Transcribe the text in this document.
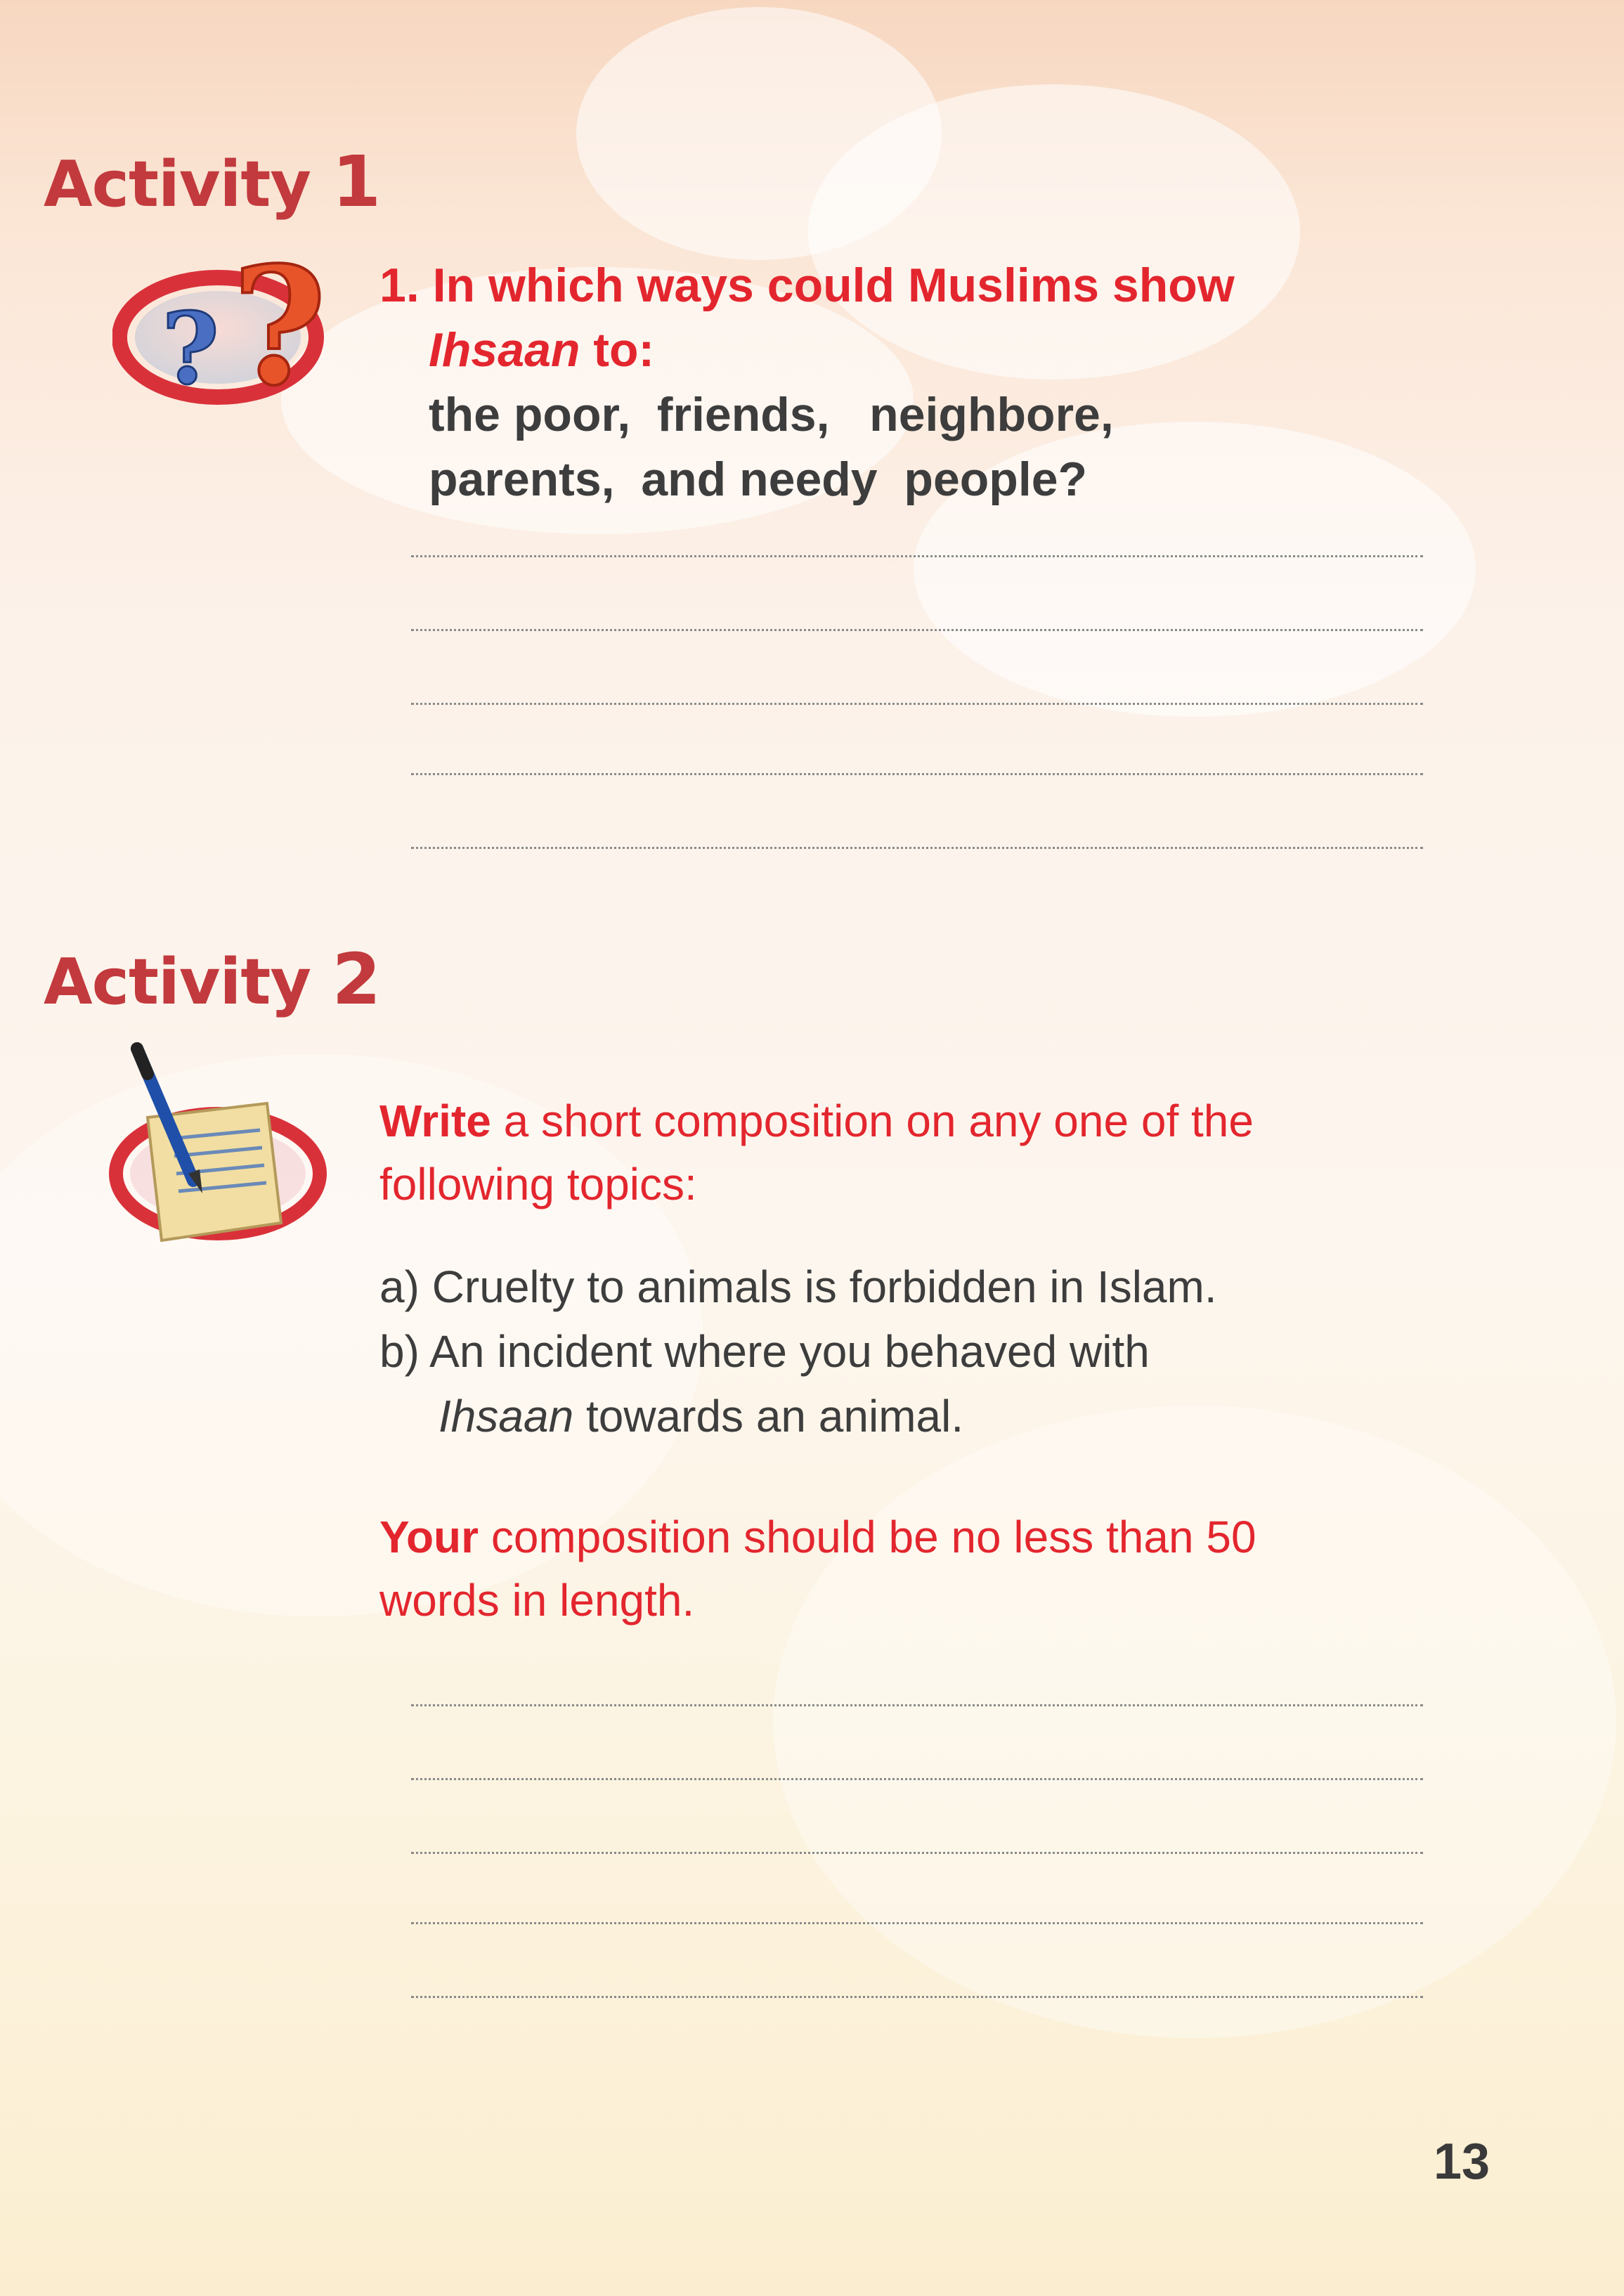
Activity 1
?
?
1. In which ways could Muslims show
Ihsaan to:
the poor,  friends,   neighbore,
parents,  and needy  people?
Activity 2
Write a short composition on any one of the
following topics:
a) Cruelty to animals is forbidden in Islam.
b) An incident where you behaved with
Ihsaan towards an animal.
Your composition should be no less than 50
words in length.
13
